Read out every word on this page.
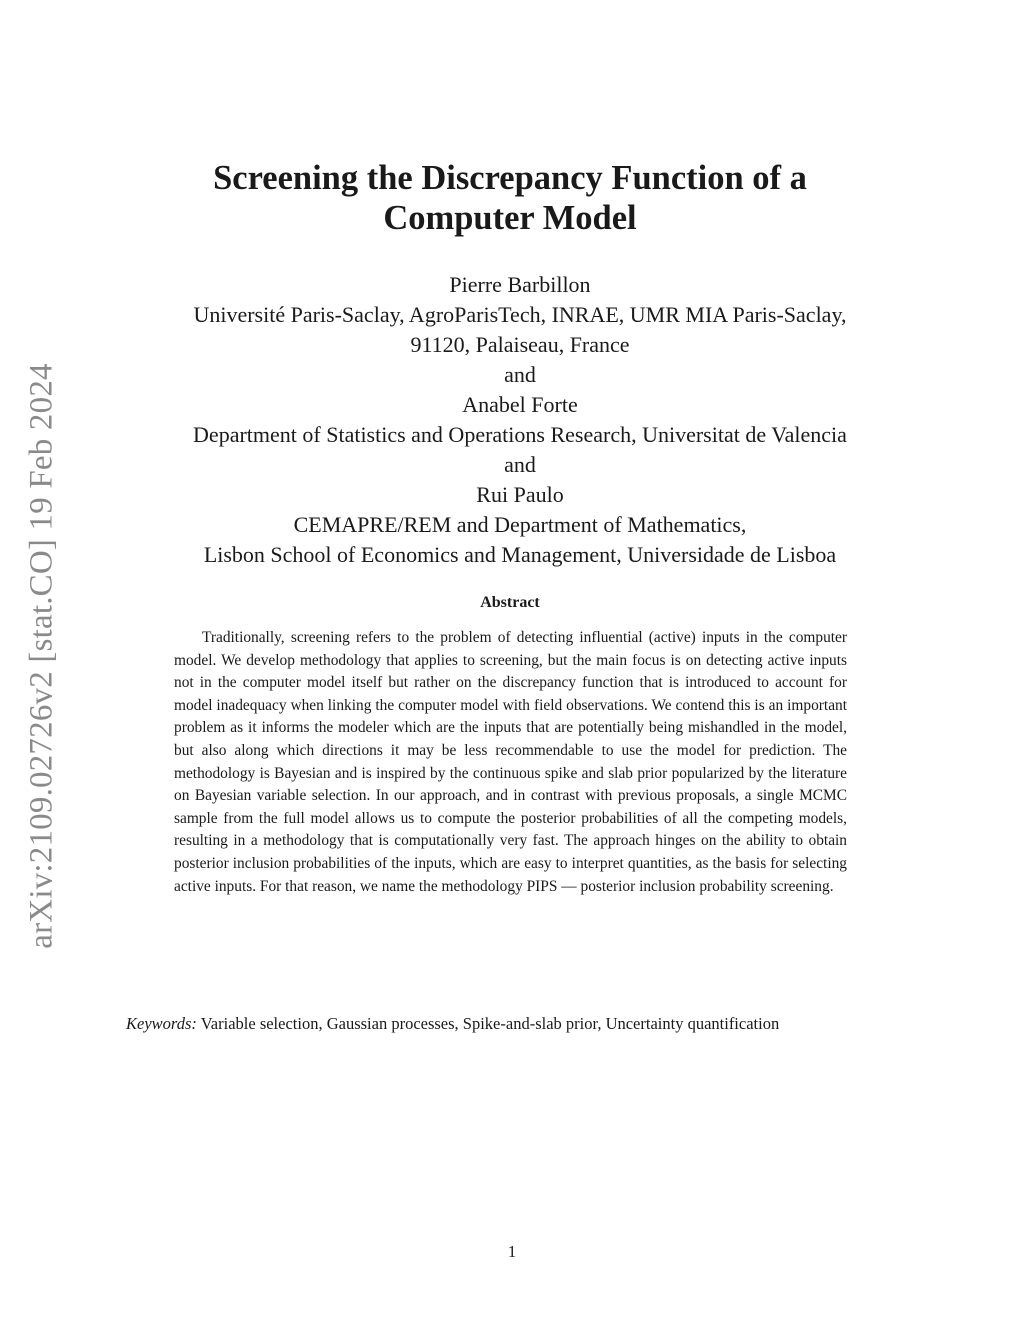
arXiv:2109.02726v2 [stat.CO] 19 Feb 2024
Screening the Discrepancy Function of a
Computer Model
Pierre Barbillon
Université Paris-Saclay, AgroParisTech, INRAE, UMR MIA Paris-Saclay,
91120, Palaiseau, France
and
Anabel Forte
Department of Statistics and Operations Research, Universitat de Valencia
and
Rui Paulo
CEMAPRE/REM and Department of Mathematics,
Lisbon School of Economics and Management, Universidade de Lisboa
Abstract

Traditionally, screening refers to the problem of detecting influential (active) inputs in the computer model. We develop methodology that applies to screening, but the main focus is on detecting active inputs not in the computer model itself but rather on the discrepancy function that is introduced to account for model inadequacy when linking the computer model with field observations. We contend this is an important problem as it informs the modeler which are the inputs that are potentially being mishandled in the model, but also along which directions it may be less recommendable to use the model for prediction. The methodology is Bayesian and is inspired by the continuous spike and slab prior popularized by the literature on Bayesian variable selection. In our approach, and in contrast with previous proposals, a single MCMC sample from the full model allows us to compute the posterior probabilities of all the competing models, resulting in a methodology that is computationally very fast. The approach hinges on the ability to obtain posterior inclusion probabilities of the inputs, which are easy to interpret quantities, as the basis for selecting active inputs. For that reason, we name the methodology PIPS — posterior inclusion probability screening.

Keywords: Variable selection, Gaussian processes, Spike-and-slab prior, Uncertainty quantification

1
